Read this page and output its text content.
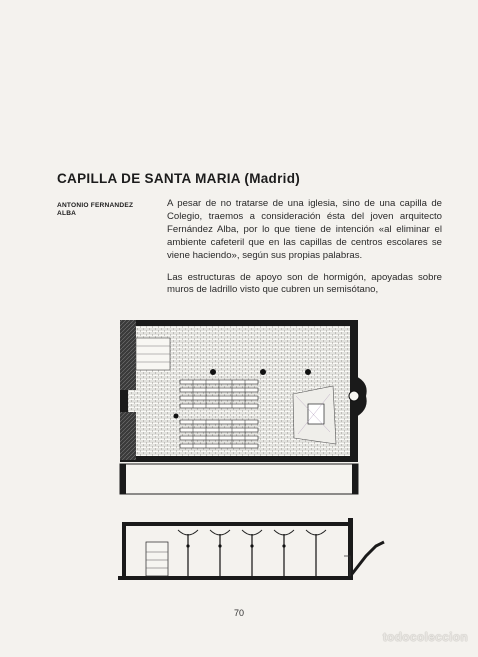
CAPILLA DE SANTA MARIA (Madrid)
ANTONIO FERNANDEZ
ALBA

A pesar de no tratarse de una iglesia, sino de una capilla de Colegio, traemos a consideración ésta del joven arquitecto Fernández Alba, por lo que tiene de intención «al eliminar el ambiente cafeteril que en las capillas de centros escolares se viene haciendo», según sus propias palabras.

Las estructuras de apoyo son de hormigón, apoyadas sobre muros de ladrillo visto que cubren un semisótano,

70
todocoleccion
